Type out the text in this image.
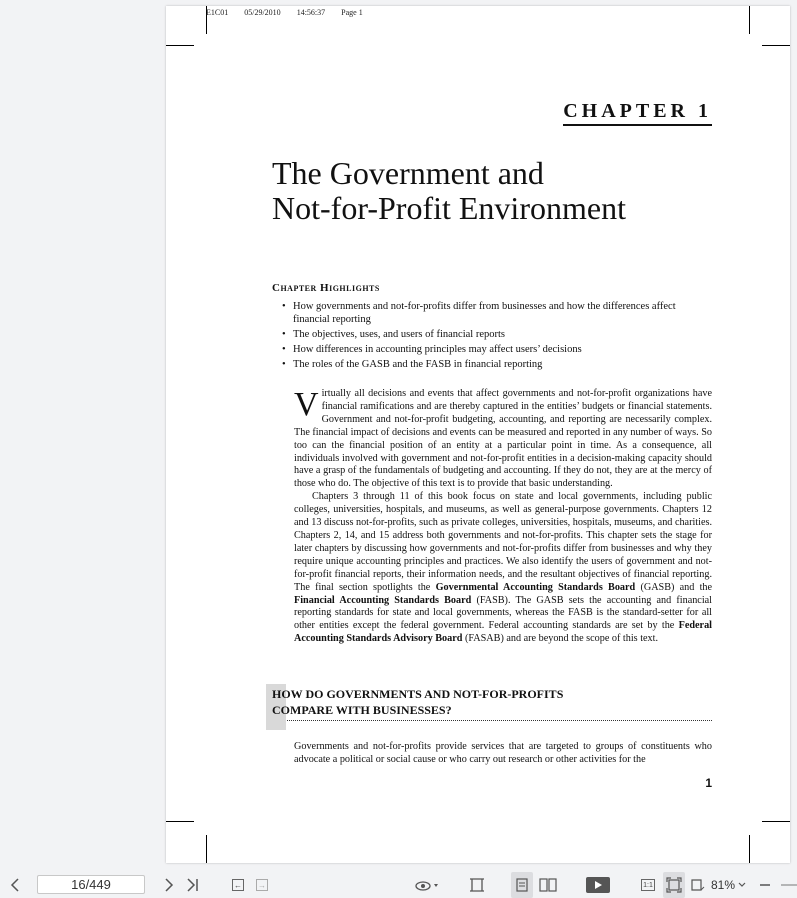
E1C01 05/29/2010 14:56:37 Page 1
CHAPTER 1
The Government and
Not-for-Profit Environment
Chapter Highlights
• How governments and not-for-profits differ from businesses and how the differences affect financial reporting
• The objectives, uses, and users of financial reports
• How differences in accounting principles may affect users’ decisions
• The roles of the GASB and the FASB in financial reporting

Virtually all decisions and events that affect governments and not-for-profit organizations have financial ramifications and are thereby captured in the entities’ budgets or financial statements. Government and not-for-profit budgeting, accounting, and reporting are necessarily complex. The financial impact of decisions and events can be measured and reported in any number of ways. So too can the financial position of an entity at a particular point in time. As a consequence, all individuals involved with government and not-for-profit entities in a decision-making capacity should have a grasp of the fundamentals of budgeting and accounting. If they do not, they are at the mercy of those who do. The objective of this text is to provide that basic understanding.

Chapters 3 through 11 of this book focus on state and local governments, including public colleges, universities, hospitals, and museums, as well as general-purpose governments. Chapters 12 and 13 discuss not-for-profits, such as private colleges, universities, hospitals, museums, and charities. Chapters 2, 14, and 15 address both governments and not-for-profits. This chapter sets the stage for later chapters by discussing how governments and not-for-profits differ from businesses and why they require unique accounting principles and practices. We also identify the users of government and not-for-profit financial reports, their information needs, and the resultant objectives of financial reporting. The final section spotlights the Governmental Accounting Standards Board (GASB) and the Financial Accounting Standards Board (FASB). The GASB sets the accounting and financial reporting standards for state and local governments, whereas the FASB is the standard-setter for all other entities except the federal government. Federal accounting standards are set by the Federal Accounting Standards Advisory Board (FASAB) and are beyond the scope of this text.

HOW DO GOVERNMENTS AND NOT-FOR-PROFITS
COMPARE WITH BUSINESSES?
Governments and not-for-profits provide services that are targeted to groups of constituents who advocate a political or social cause or who carry out research or other activities for the
1
16/449
← →	1:1	81%
